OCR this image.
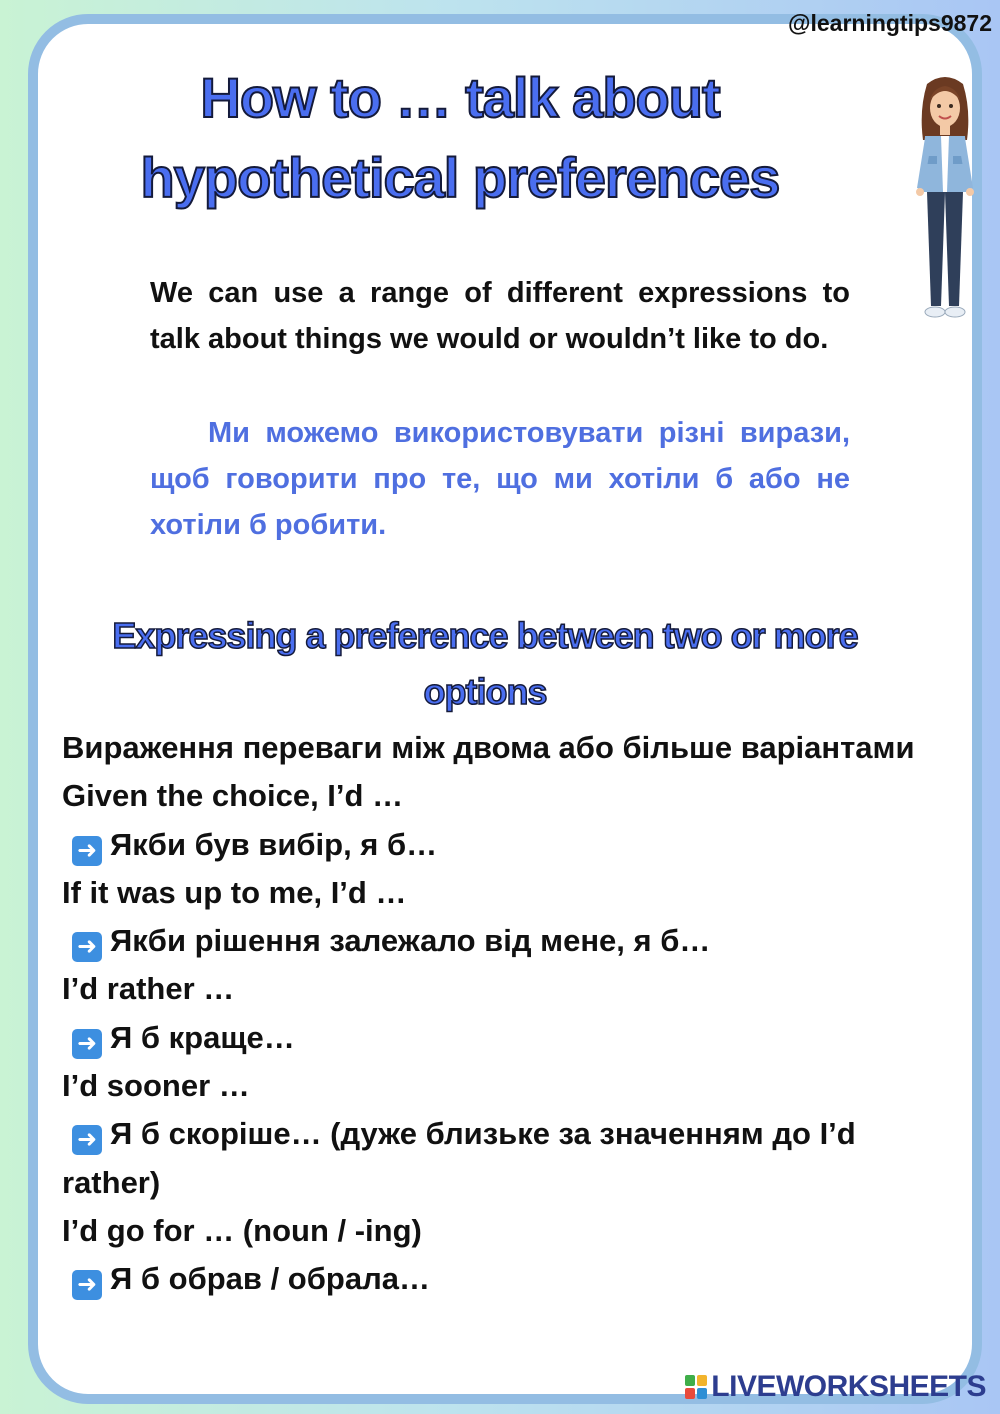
@learningtips9872
How to … talk about
hypothetical preferences
We can use a range of different expressions to talk about things we would or wouldn’t like to do.
Ми можемо використовувати різні вирази, щоб говорити про те, що ми хотіли б або не хотіли б робити.
Expressing a preference between two or more
options
Вираження переваги між двома або більше варіантами
Given the choice, I’d …
➜ Якби був вибір, я б…
If it was up to me, I’d …
➜ Якби рішення залежало від мене, я б…
I’d rather …
➜ Я б краще…
I’d sooner …
➜ Я б скоріше… (дуже близьке за значенням до I’d rather)
I’d go for … (noun / -ing)
➜ Я б обрав / обрала…
LIVEWORKSHEETS
